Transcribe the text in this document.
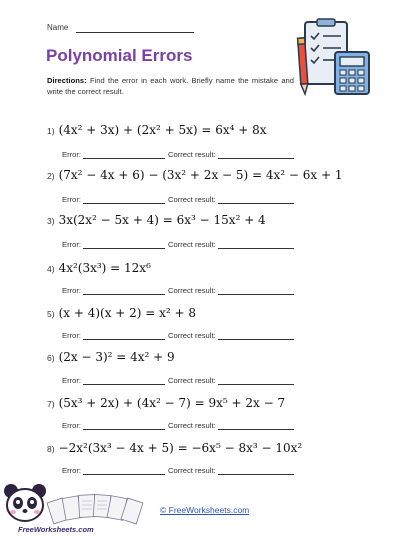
Name
Polynomial Errors
Directions: Find the error in each work. Briefly name the mistake and write the correct result.
1) (4x² + 3x) + (2x² + 5x) = 6x⁴ + 8x
Error:	Correct result:
2) (7x² − 4x + 6) − (3x² + 2x − 5) = 4x² − 6x + 1
Error:	Correct result:
3) 3x(2x² − 5x + 4) = 6x³ − 15x² + 4
Error:	Correct result:
4) 4x²(3x³) = 12x⁶
Error:	Correct result:
5) (x + 4)(x + 2) = x² + 8
Error:	Correct result:
6) (2x − 3)² = 4x² + 9
Error:	Correct result:
7) (5x³ + 2x) + (4x² − 7) = 9x⁵ + 2x − 7
Error:	Correct result:
8) −2x²(3x³ − 4x + 5) = −6x⁵ − 8x³ − 10x²
Error:	Correct result:
FreeWorksheets.com
© FreeWorksheets.com
